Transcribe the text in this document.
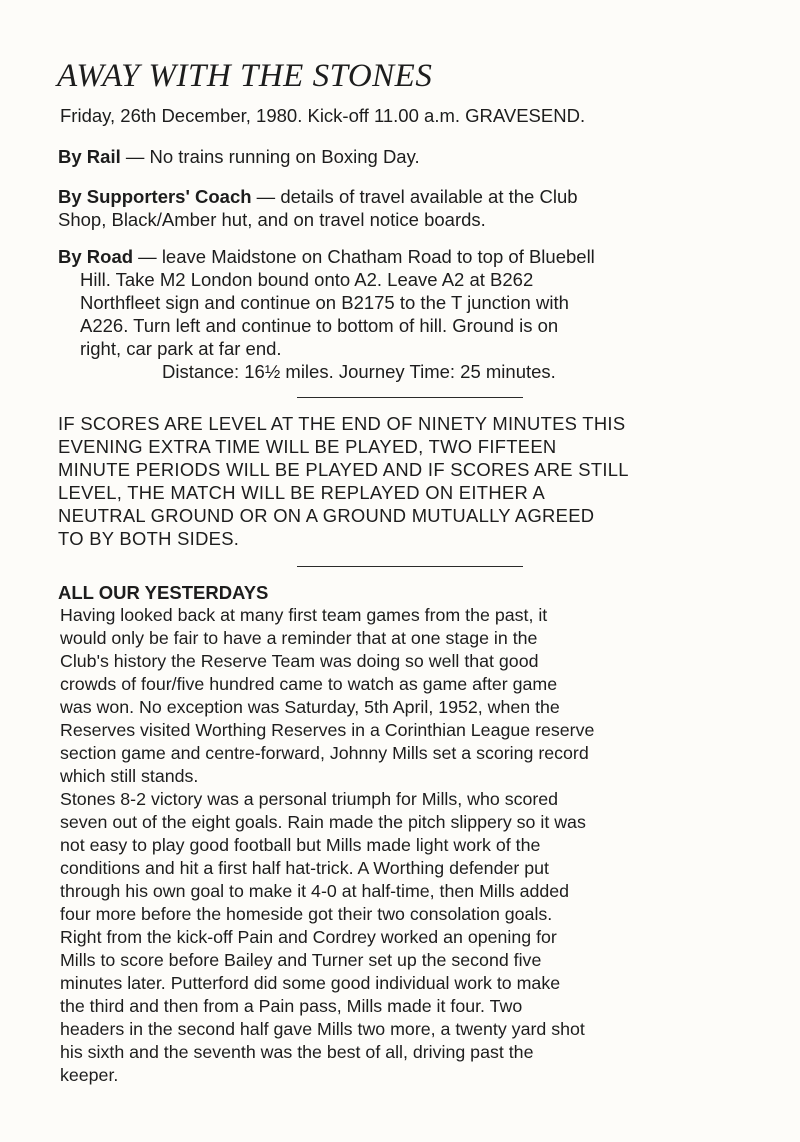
AWAY WITH THE STONES
Friday, 26th December, 1980. Kick-off 11.00 a.m. GRAVESEND.
By Rail — No trains running on Boxing Day.
By Supporters' Coach — details of travel available at the Club
Shop, Black/Amber hut, and on travel notice boards.
By Road — leave Maidstone on Chatham Road to top of Bluebell
Hill. Take M2 London bound onto A2. Leave A2 at B262
Northfleet sign and continue on B2175 to the T junction with
A226. Turn left and continue to bottom of hill. Ground is on
right, car park at far end.
Distance: 16½ miles. Journey Time: 25 minutes.
IF SCORES ARE LEVEL AT THE END OF NINETY MINUTES THIS
EVENING EXTRA TIME WILL BE PLAYED, TWO FIFTEEN
MINUTE PERIODS WILL BE PLAYED AND IF SCORES ARE STILL
LEVEL, THE MATCH WILL BE REPLAYED ON EITHER A
NEUTRAL GROUND OR ON A GROUND MUTUALLY AGREED
TO BY BOTH SIDES.
ALL OUR YESTERDAYS
Having looked back at many first team games from the past, it
would only be fair to have a reminder that at one stage in the
Club's history the Reserve Team was doing so well that good
crowds of four/five hundred came to watch as game after game
was won. No exception was Saturday, 5th April, 1952, when the
Reserves visited Worthing Reserves in a Corinthian League reserve
section game and centre-forward, Johnny Mills set a scoring record
which still stands.
Stones 8-2 victory was a personal triumph for Mills, who scored
seven out of the eight goals. Rain made the pitch slippery so it was
not easy to play good football but Mills made light work of the
conditions and hit a first half hat-trick. A Worthing defender put
through his own goal to make it 4-0 at half-time, then Mills added
four more before the homeside got their two consolation goals.
Right from the kick-off Pain and Cordrey worked an opening for
Mills to score before Bailey and Turner set up the second five
minutes later. Putterford did some good individual work to make
the third and then from a Pain pass, Mills made it four. Two
headers in the second half gave Mills two more, a twenty yard shot
his sixth and the seventh was the best of all, driving past the
keeper.
